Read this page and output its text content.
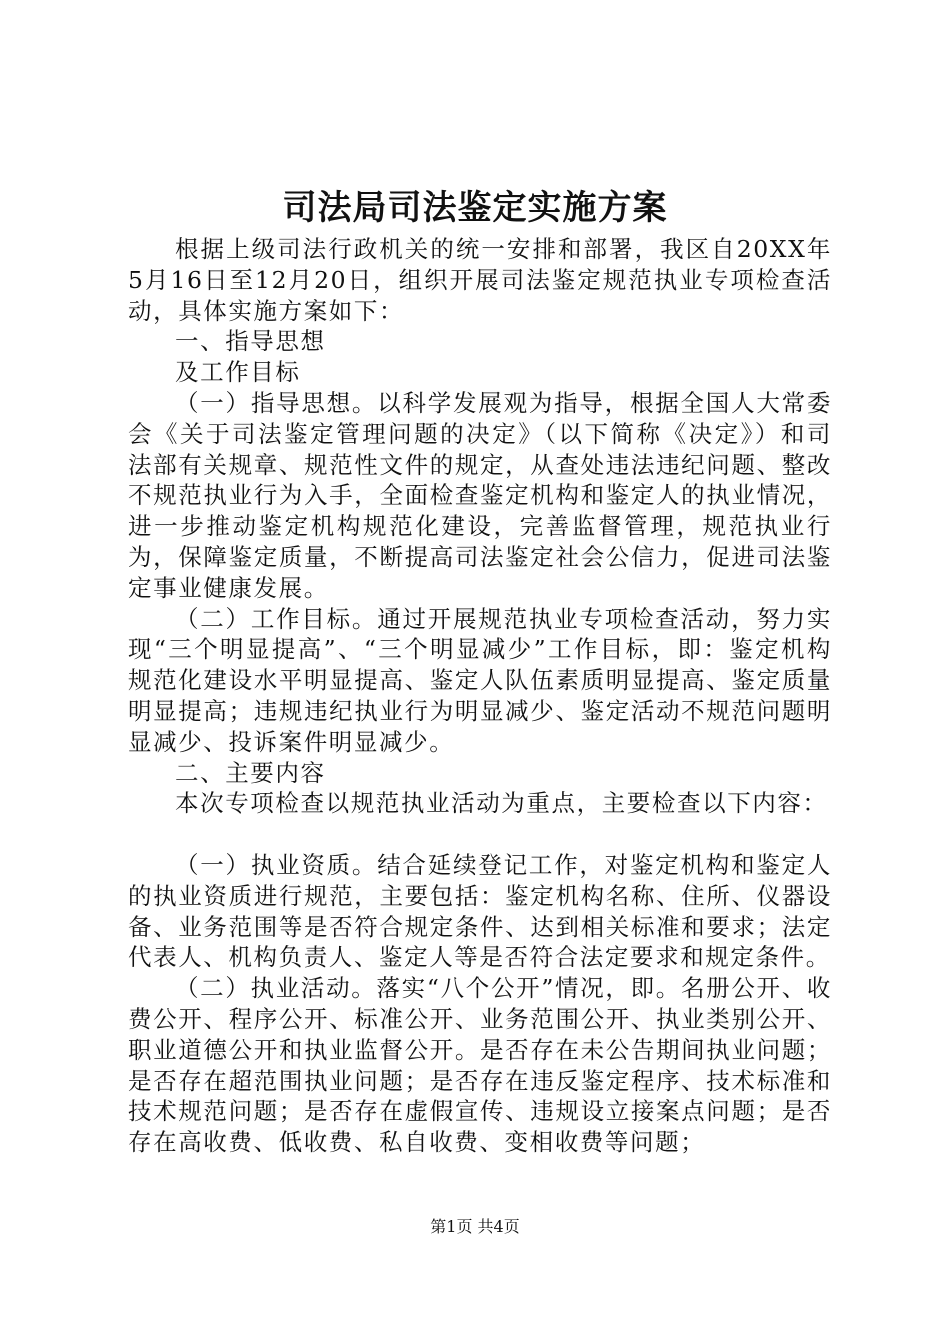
司法局司法鉴定实施方案

根据上级司法行政机关的统一安排和部署，我区自20XX年5月16日至12月20日，组织开展司法鉴定规范执业专项检查活动，具体实施方案如下：

一、指导思想

及工作目标

（一）指导思想。以科学发展观为指导，根据全国人大常委会《关于司法鉴定管理问题的决定》（以下简称《决定》）和司法部有关规章、规范性文件的规定，从查处违法违纪问题、整改不规范执业行为入手，全面检查鉴定机构和鉴定人的执业情况，进一步推动鉴定机构规范化建设，完善监督管理，规范执业行为，保障鉴定质量，不断提高司法鉴定社会公信力，促进司法鉴定事业健康发展。

（二）工作目标。通过开展规范执业专项检查活动，努力实现“三个明显提高”、“三个明显减少”工作目标，即：鉴定机构规范化建设水平明显提高、鉴定人队伍素质明显提高、鉴定质量明显提高；违规违纪执业行为明显减少、鉴定活动不规范问题明显减少、投诉案件明显减少。

二、主要内容

本次专项检查以规范执业活动为重点，主要检查以下内容：

（一）执业资质。结合延续登记工作，对鉴定机构和鉴定人的执业资质进行规范，主要包括：鉴定机构名称、住所、仪器设备、业务范围等是否符合规定条件、达到相关标准和要求；法定代表人、机构负责人、鉴定人等是否符合法定要求和规定条件。

（二）执业活动。落实“八个公开”情况，即。名册公开、收费公开、程序公开、标准公开、业务范围公开、执业类别公开、职业道德公开和执业监督公开。是否存在未公告期间执业问题；是否存在超范围执业问题；是否存在违反鉴定程序、技术标准和技术规范问题；是否存在虚假宣传、违规设立接案点问题；是否存在高收费、低收费、私自收费、变相收费等问题；

第1页 共4页
